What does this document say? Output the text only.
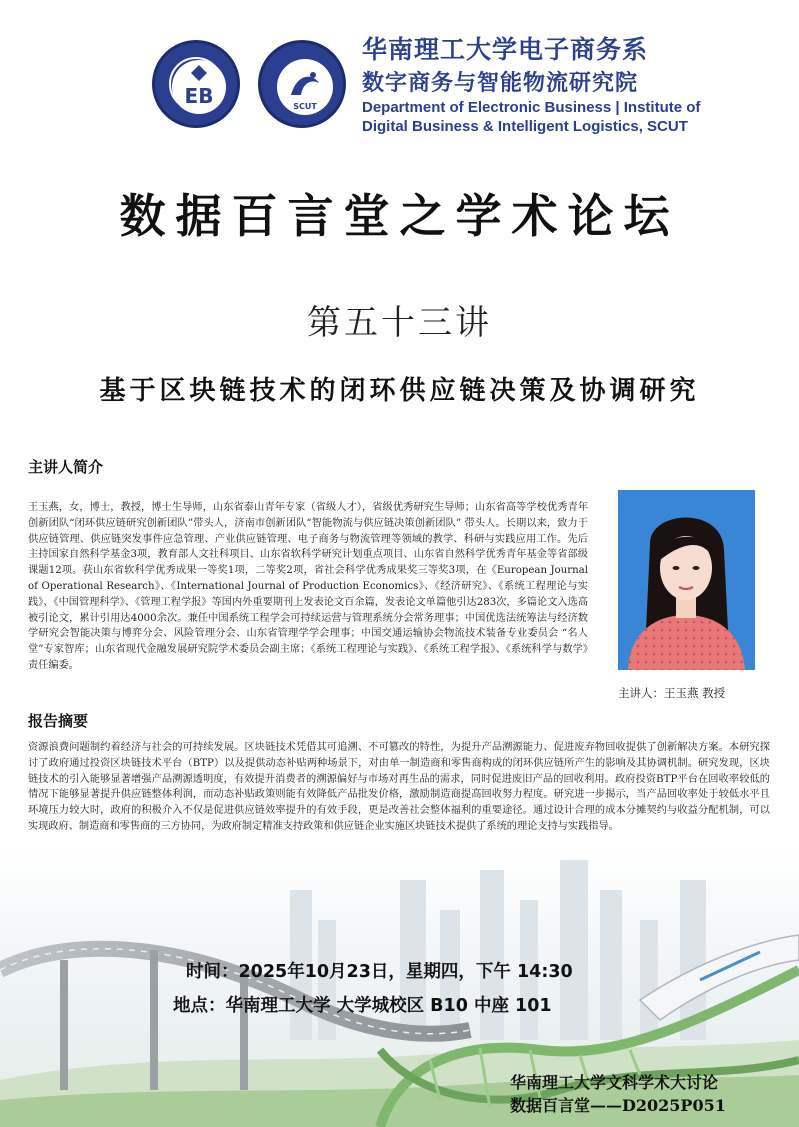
EB	SCUT
华南理工大学电子商务系
数字商务与智能物流研究院
Department of Electronic Business | Institute of
Digital Business & Intelligent Logistics, SCUT
数据百言堂之学术论坛
第五十三讲
基于区块链技术的闭环供应链决策及协调研究
主讲人简介
王玉燕，女，博士，教授，博士生导师，山东省泰山青年专家（省级人才），省级优秀研究生导师；山东省高等学校优秀青年创新团队“闭环供应链研究创新团队”带头人，济南市创新团队“智能物流与供应链决策创新团队” 带头人。长期以来，致力于供应链管理、供应链突发事件应急管理、产业供应链管理、电子商务与物流管理等领域的教学、科研与实践应用工作。先后主持国家自然科学基金3项，教育部人文社科项目、山东省软科学研究计划重点项目、山东省自然科学优秀青年基金等省部级课题12项。获山东省软科学优秀成果一等奖1项，二等奖2项，省社会科学优秀成果奖三等奖3项，在《European Journal of Operational Research》、《International Journal of Production Economics》、《经济研究》、《系统工程理论与实践》、《中国管理科学》、《管理工程学报》等国内外重要期刊上发表论文百余篇，发表论文单篇他引达283次，多篇论文入选高被引论文，累计引用达4000余次。兼任中国系统工程学会可持续运营与管理系统分会常务理事；中国优选法统筹法与经济数学研究会智能决策与博弈分会、风险管理分会、山东省管理学学会理事；中国交通运输协会物流技术装备专业委员会 “名人堂”专家智库；山东省现代金融发展研究院学术委员会副主席；《系统工程理论与实践》、《系统工程学报》、《系统科学与数学》责任编委。
主讲人：王玉燕 教授
报告摘要
资源浪费问题制约着经济与社会的可持续发展。区块链技术凭借其可追溯、不可篡改的特性，为提升产品溯源能力、促进废弃物回收提供了创新解决方案。本研究探讨了政府通过投资区块链技术平台（BTP）以及提供动态补贴两种场景下，对由单一制造商和零售商构成的闭环供应链所产生的影响及其协调机制。研究发现，区块链技术的引入能够显著增强产品溯源透明度，有效提升消费者的溯源偏好与市场对再生品的需求，同时促进废旧产品的回收利用。政府投资BTP平台在回收率较低的情况下能够显著提升供应链整体利润，而动态补贴政策则能有效降低产品批发价格，激励制造商提高回收努力程度。研究进一步揭示，当产品回收率处于较低水平且环境压力较大时，政府的积极介入不仅是促进供应链效率提升的有效手段，更是改善社会整体福利的重要途径。通过设计合理的成本分摊契约与收益分配机制，可以实现政府、制造商和零售商的三方协同，为政府制定精准支持政策和供应链企业实施区块链技术提供了系统的理论支持与实践指导。
时间：2025年10月23日，星期四，下午 14:30
地点：华南理工大学 大学城校区 B10 中座 101
华南理工大学文科学术大讨论
数据百言堂——D2025P051
